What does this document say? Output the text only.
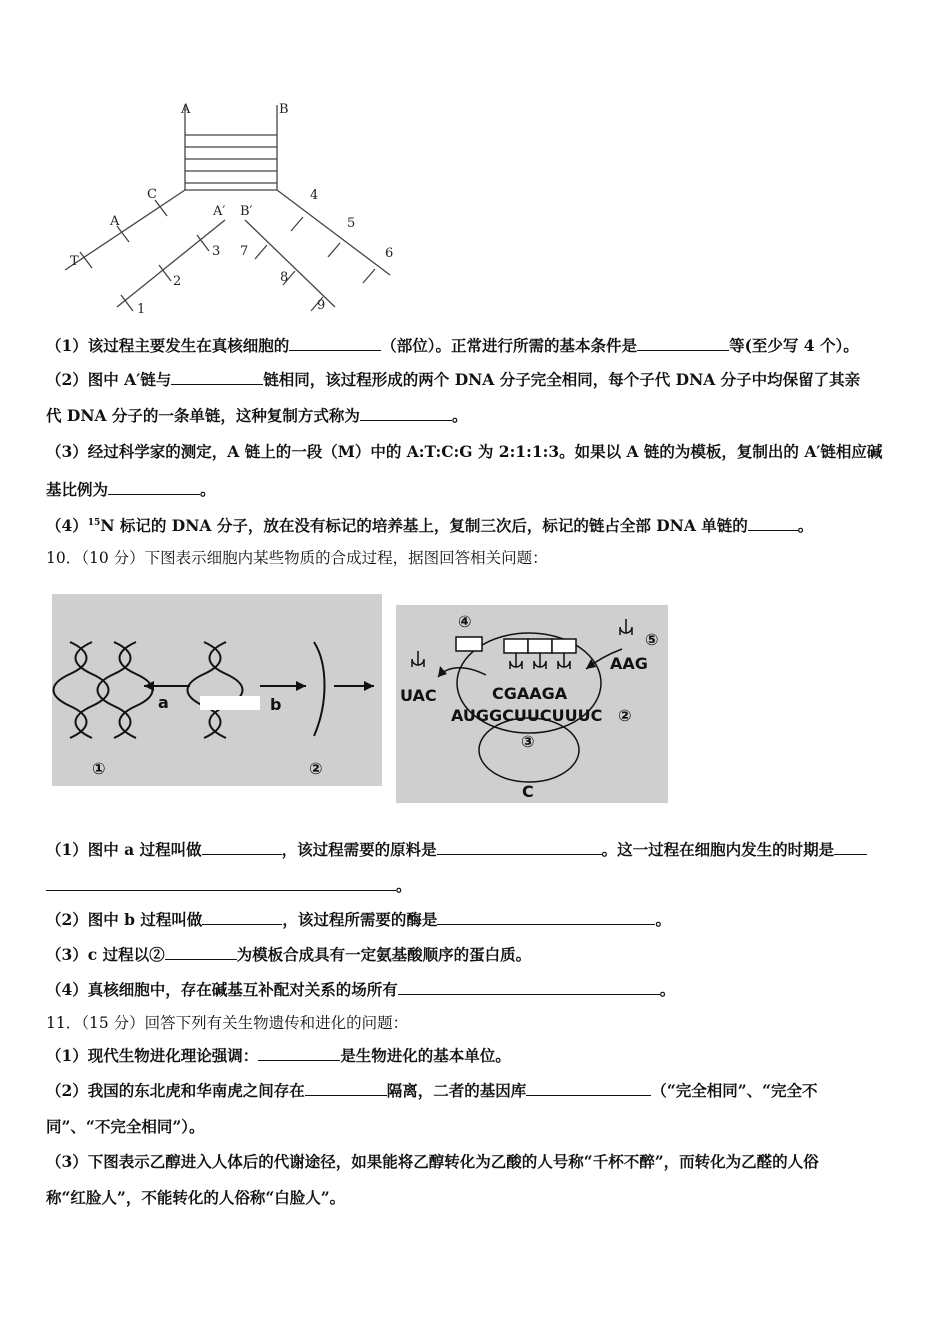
A	B
A′ B′
C
A
T
3
2
1
4
5
6
7
8
9
（1）该过程主要发生在真核细胞的	（部位）。正常进行所需的基本条件是	等(至少写 4 个）。
（2）图中 A′链与	链相同，该过程形成的两个 DNA 分子完全相同，每个子代 DNA 分子中均保留了其亲
代 DNA 分子的一条单链，这种复制方式称为	。
（3）经过科学家的测定，A 链上的一段（M）中的 A:T:C:G 为 2:1:1:3。如果以 A 链的为模板，复制出的 A′链相应碱
基比例为	。
$(4)^{15}N$ 标记的 DNA 分子，放在没有标记的培养基上，复制三次后，标记的链占全部 DNA 单链的	。
10．（10 分）下图表示细胞内某些物质的合成过程，据图回答相关问题：
a	b
①	②
④
⑤
UAC
AAG
CGAAGA
AUGGCUUCUUUC ②
③
C
（1）图中 a 过程叫做	，该过程需要的原料是	。这一过程在细胞内发生的时期是
。
（2）图中 b 过程叫做	，该过程所需要的酶是	。
（3）c 过程以②	为模板合成具有一定氨基酸顺序的蛋白质。
（4）真核细胞中，存在碱基互补配对关系的场所有	。
11．（15 分）回答下列有关生物遗传和进化的问题：
（1）现代生物进化理论强调：	是生物进化的基本单位。
（2）我国的东北虎和华南虎之间存在	隔离，二者的基因库	（“完全相同”、“完全不
同”、“不完全相同”）。
（3）下图表示乙醇进入人体后的代谢途径，如果能将乙醇转化为乙酸的人号称“千杯不醉”，而转化为乙醛的人俗
称“红脸人”，不能转化的人俗称“白脸人”。
